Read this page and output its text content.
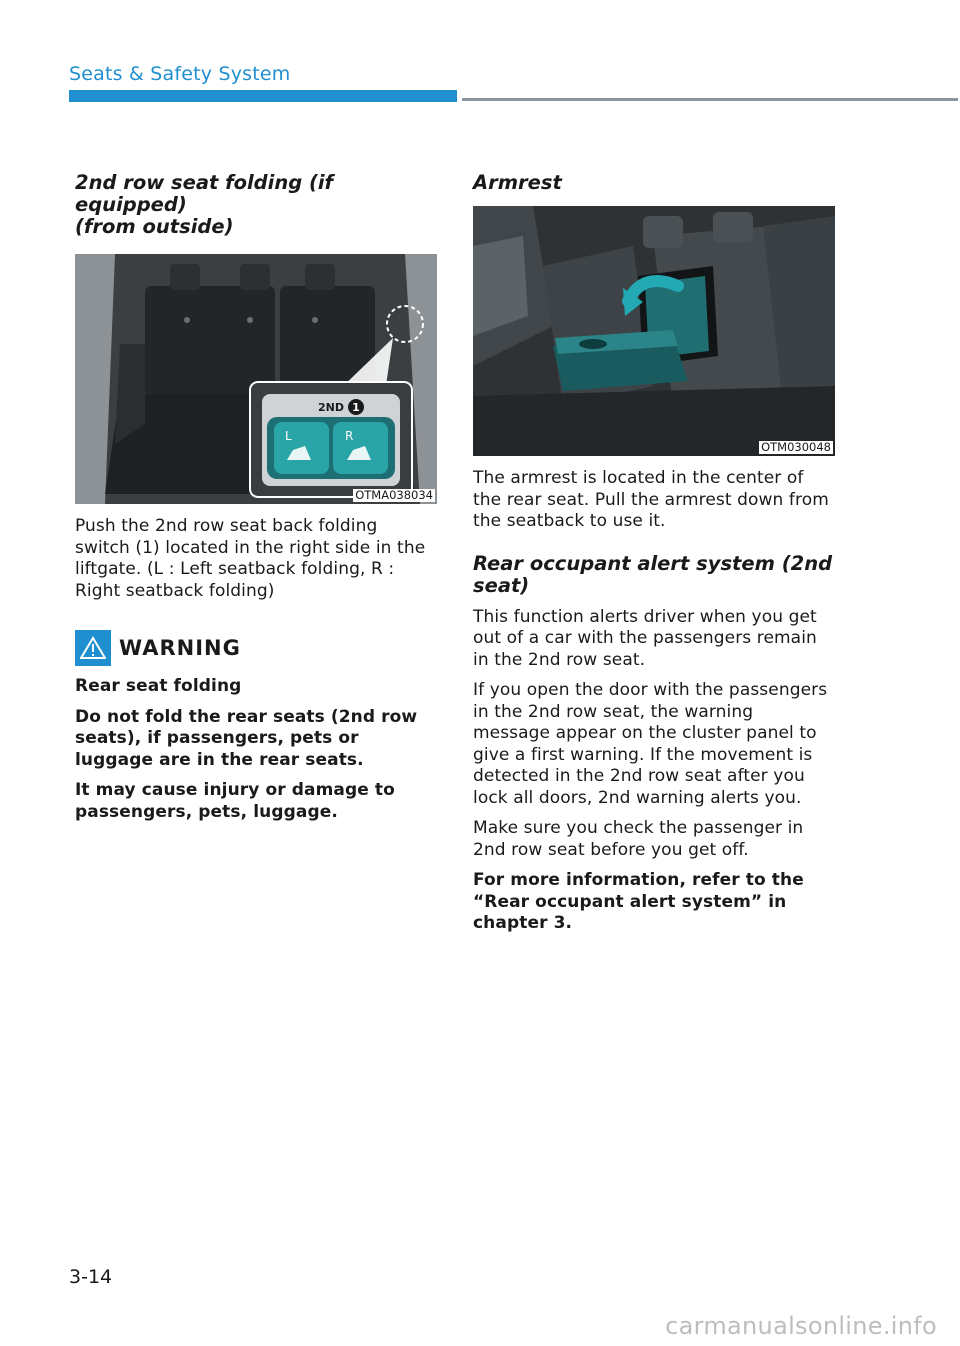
Seats & Safety System
2nd row seat folding (if equipped)
(from outside)
2ND 1
L	R
OTMA038034

Push the 2nd row seat back folding switch (1) located in the right side in the liftgate. (L : Left seatback folding, R : Right seatback folding)

WARNING

Rear seat folding

Do not fold the rear seats (2nd row seats), if passengers, pets or luggage are in the rear seats.

It may cause injury or damage to passengers, pets, luggage.

Armrest
OTM030048

The armrest is located in the center of the rear seat. Pull the armrest down from the seatback to use it.

Rear occupant alert system (2nd
seat)

This function alerts driver when you get out of a car with the passengers remain in the 2nd row seat.

If you open the door with the passengers in the 2nd row seat, the warning message appear on the cluster panel to give a first warning. If the movement is detected in the 2nd row seat after you lock all doors, 2nd warning alerts you.

Make sure you check the passenger in 2nd row seat before you get off.

For more information, refer to the “Rear occupant alert system” in chapter 3.

3-14
carmanualsonline.info
